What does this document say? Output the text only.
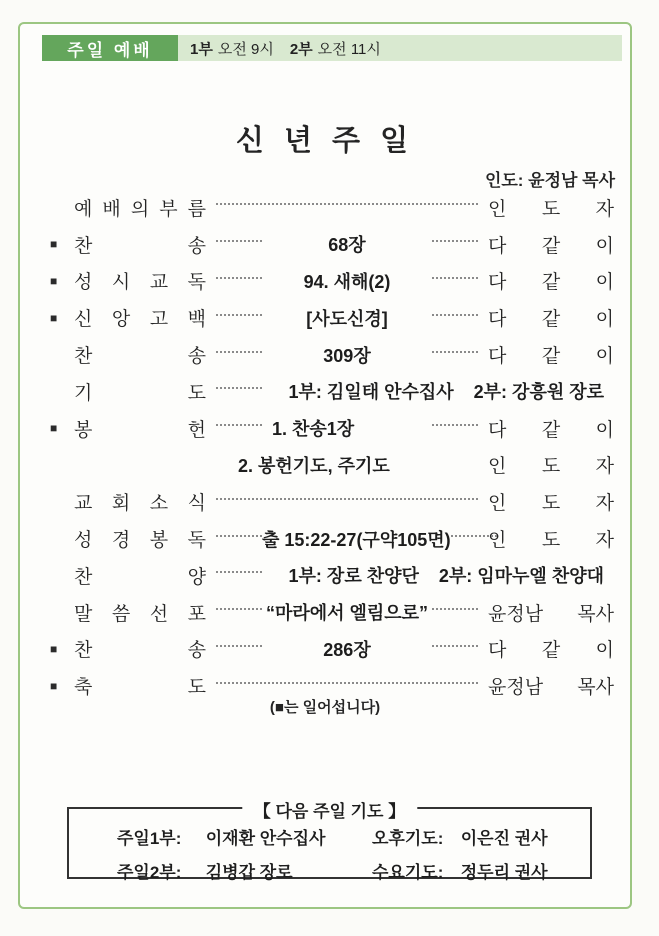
주일 예배 1부 오전 9시 2부 오전 11시
신 년 주 일
인도: 윤정남 목사
예 배 의 부 름	인 도 자
■ 찬 송	68장	다 같 이
■ 성 시 교 독	94. 새해(2)	다 같 이
■ 신 앙 고 백	[사도신경]	다 같 이
찬 송	309장	다 같 이
기 도	1부: 김일태 안수집사 2부: 강흥원 장로
■ 봉 헌	1. 찬송1장	다 같 이
2. 봉헌기도, 주기도	인 도 자
교 회 소 식	인 도 자
성 경 봉 독	출 15:22-27(구약105면) 인 도 자
찬 양	1부: 장로 찬양단 2부: 임마누엘 찬양대
말 씀 선 포	“마라에서 엘림으로”	윤정남 목사
■ 찬 송	286장	다 같 이
■ 축 도	윤정남 목사
(■는 일어섭니다)
【 다음 주일 기도 】
주일1부: 이재환 안수집사	오후기도: 이은진 권사
주일2부: 김병갑 장로	수요기도: 정두리 권사
